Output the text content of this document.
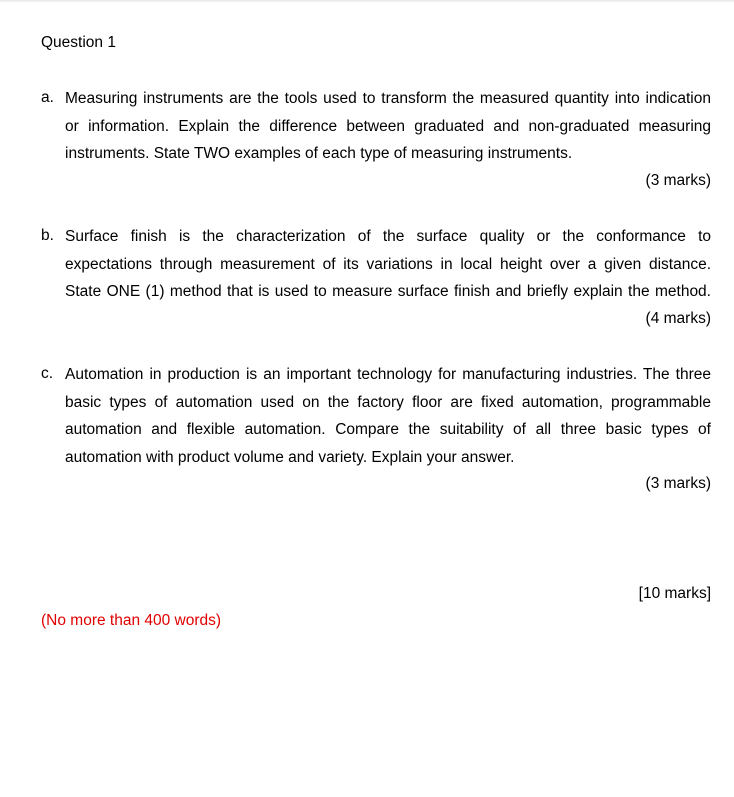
Question 1
a. Measuring instruments are the tools used to transform the measured quantity into indication
or information. Explain the difference between graduated and non-graduated measuring
instruments. State TWO examples of each type of measuring instruments.
(3 marks)
b. Surface finish is the characterization of the surface quality or the conformance to
expectations through measurement of its variations in local height over a given distance.
State ONE (1) method that is used to measure surface finish and briefly explain the method.
(4 marks)
c. Automation in production is an important technology for manufacturing industries. The three
basic types of automation used on the factory floor are fixed automation, programmable
automation and flexible automation. Compare the suitability of all three basic types of
automation with product volume and variety. Explain your answer.
(3 marks)
[10 marks]
(No more than 400 words)
